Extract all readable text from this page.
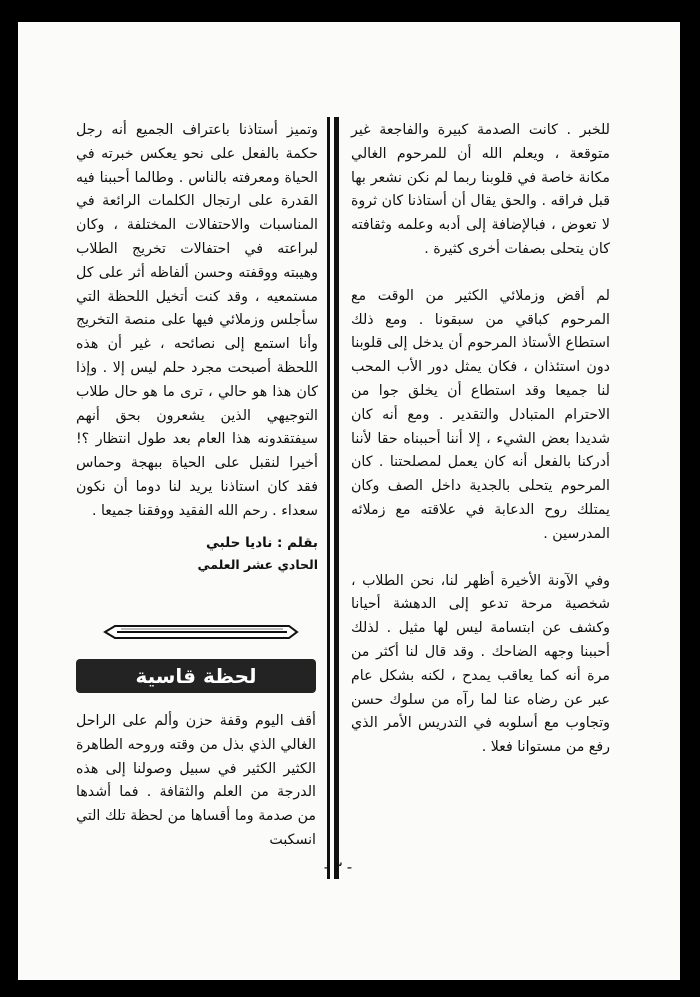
للخبر . كانت الصدمة كبيرة والفاجعة غير متوقعة ، ويعلم الله أن للمرحوم الغالي مكانة خاصة في قلوبنا ربما لم نكن نشعر بها قبل فراقه . والحق يقال أن أستاذنا كان ثروة لا تعوض ، فبالإضافة إلى أدبه وعلمه وثقافته كان يتحلى بصفات أخرى كثيرة .

لم أقض وزملائي الكثير من الوقت مع المرحوم كباقي من سبقونا . ومع ذلك استطاع الأستاذ المرحوم أن يدخل إلى قلوبنا دون استئذان ، فكان يمثل دور الأب المحب لنا جميعا وقد استطاع أن يخلق جوا من الاحترام المتبادل والتقدير . ومع أنه كان شديدا بعض الشيء ، إلا أننا أحببناه حقا لأننا أدركنا بالفعل أنه كان يعمل لمصلحتنا . كان المرحوم يتحلى بالجدية داخل الصف وكان يمتلك روح الدعابة في علاقته مع زملائه المدرسين .

وفي الآونة الأخيرة أظهر لنا، نحن الطلاب ، شخصية مرحة تدعو إلى الدهشة أحيانا وكشف عن ابتسامة ليس لها مثيل . لذلك أحببنا وجهه الضاحك . وقد قال لنا أكثر من مرة أنه كما يعاقب يمدح ، لكنه بشكل عام عبر عن رضاه عنا لما رآه من سلوك حسن وتجاوب مع أسلوبه في التدريس الأمر الذي رفع من مستوانا فعلا .

وتميز أستاذنا باعتراف الجميع أنه رجل حكمة بالفعل على نحو يعكس خبرته في الحياة ومعرفته بالناس . وطالما أحببنا فيه القدرة على ارتجال الكلمات الرائعة في المناسبات والاحتفالات المختلفة ، وكان لبراعته في احتفالات تخريج الطلاب وهيبته ووقفته وحسن ألفاظه أثر على كل مستمعيه ، وقد كنت أتخيل اللحظة التي سأجلس وزملائي فيها على منصة التخريج وأنا استمع إلى نصائحه ، غير أن هذه اللحظة أصبحت مجرد حلم ليس إلا . وإذا كان هذا هو حالي ، ترى ما هو حال طلاب التوجيهي الذين يشعرون بحق أنهم سيفتقدونه هذا العام بعد طول انتظار ؟! أخيرا لنقبل على الحياة ببهجة وحماس فقد كان استاذنا يريد لنا دوما أن نكون سعداء . رحم الله الفقيد ووفقنا جميعا .

بقلم : ناديا حلبي
الحادي عشر العلمي
لحظة قاسية

أقف اليوم وقفة حزن وألم على الراحل الغالي الذي بذل من وقته وروحه الطاهرة الكثير الكثير في سبيل وصولنا إلى هذه الدرجة من العلم والثقافة . فما أشدها من صدمة وما أقساها من لحظة تلك التي انسكبت

- ٣ -
